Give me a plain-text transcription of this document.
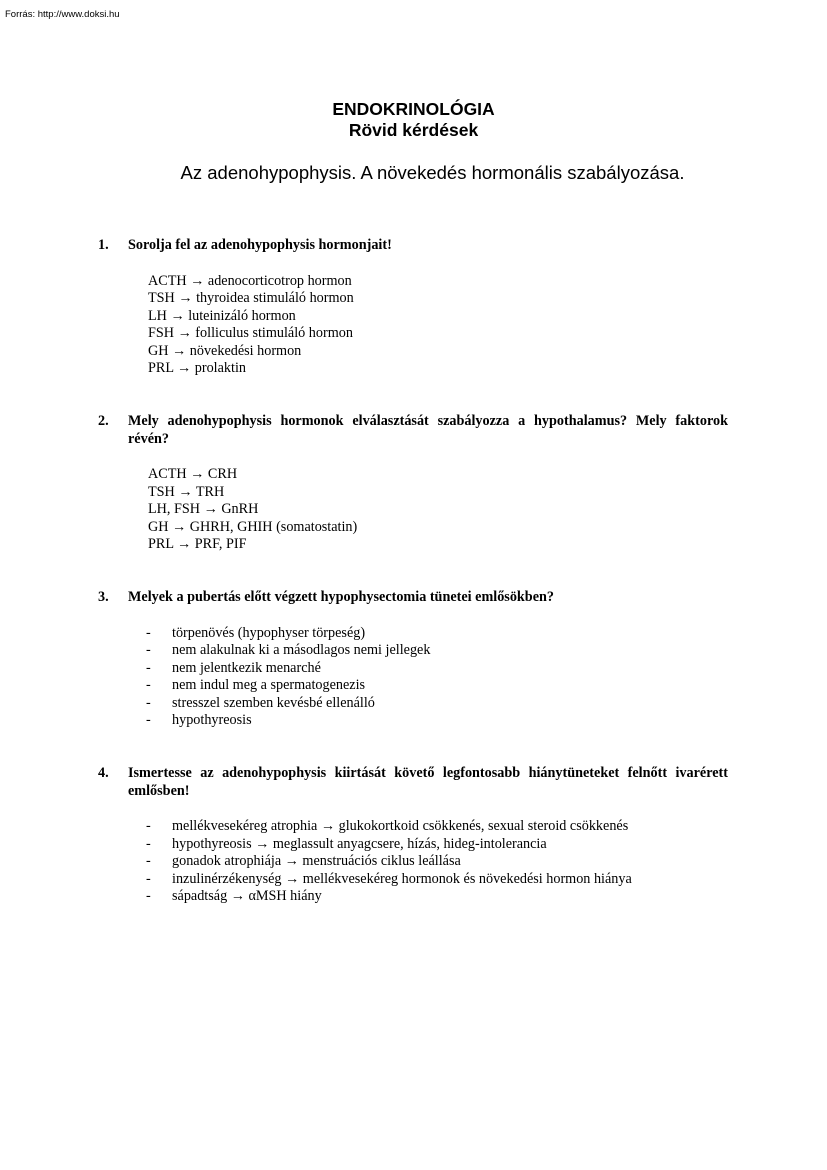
Forrás: http://www.doksi.hu
ENDOKRINOLÓGIA
Rövid kérdések
Az adenohypophysis. A növekedés hormonális szabályozása.
1.	Sorolja fel az adenohypophysis hormonjait!
ACTH → adenocorticotrop hormon
TSH → thyroidea stimuláló hormon
LH → luteinizáló hormon
FSH → folliculus stimuláló hormon
GH → növekedési hormon
PRL → prolaktin
2.	Mely adenohypophysis hormonok elválasztását szabályozza a hypothalamus? Mely faktorok révén?
ACTH → CRH
TSH → TRH
LH, FSH → GnRH
GH → GHRH, GHIH (somatostatin)
PRL → PRF, PIF
3.	Melyek a pubertás előtt végzett hypophysectomia tünetei emlősökben?
-	törpenövés (hypophyser törpeség)
-	nem alakulnak ki a másodlagos nemi jellegek
-	nem jelentkezik menarché
-	nem indul meg a spermatogenezis
-	stresszel szemben kevésbé ellenálló
-	hypothyreosis
4.	Ismertesse az adenohypophysis kiirtását követő legfontosabb hiánytüneteket felnőtt ivarérett emlősben!
-	mellékvesekéreg atrophia → glukokortkoid csökkenés, sexual steroid csökkenés
-	hypothyreosis → meglassult anyagcsere, hízás, hideg-intolerancia
-	gonadok atrophiája → menstruációs ciklus leállása
-	inzulinérzékenység → mellékvesekéreg hormonok és növekedési hormon hiánya
-	sápadtság → αMSH hiány
